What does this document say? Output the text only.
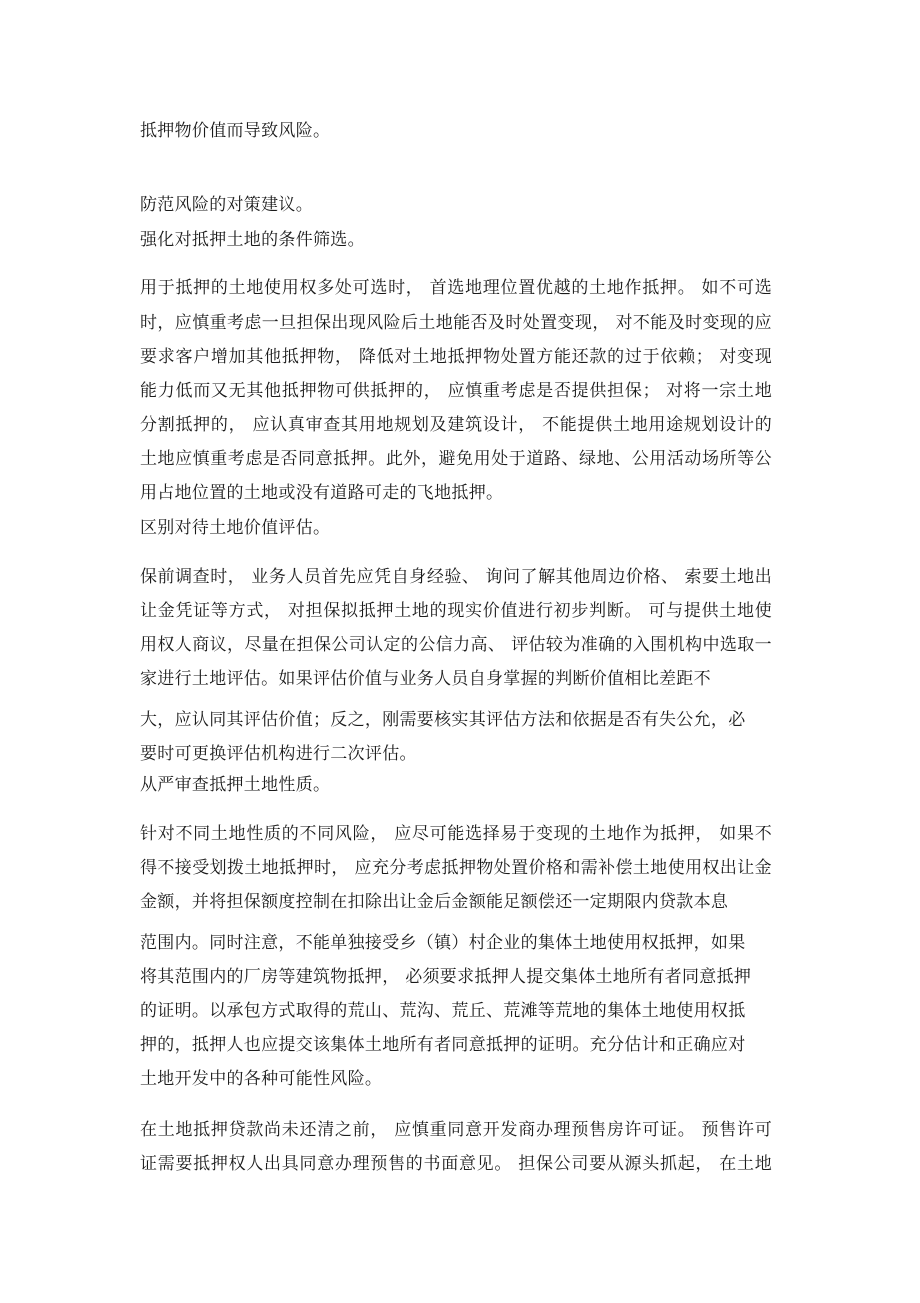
抵押物价值而导致风险。
防范风险的对策建议。
强化对抵押土地的条件筛选。
用于抵押的土地使用权多处可选时， 首选地理位置优越的土地作抵押。 如不可选
时，应慎重考虑一旦担保出现风险后土地能否及时处置变现， 对不能及时变现的应
要求客户增加其他抵押物， 降低对土地抵押物处置方能还款的过于依赖； 对变现
能力低而又无其他抵押物可供抵押的， 应慎重考虑是否提供担保； 对将一宗土地
分割抵押的， 应认真审查其用地规划及建筑设计， 不能提供土地用途规划设计的
土地应慎重考虑是否同意抵押。此外，避免用处于道路、绿地、公用活动场所等公
用占地位置的土地或没有道路可走的飞地抵押。
区别对待土地价值评估。
保前调查时， 业务人员首先应凭自身经验、 询问了解其他周边价格、 索要土地出
让金凭证等方式， 对担保拟抵押土地的现实价值进行初步判断。 可与提供土地使
用权人商议，尽量在担保公司认定的公信力高、 评估较为准确的入围机构中选取一
家进行土地评估。如果评估价值与业务人员自身掌握的判断价值相比差距不
大，应认同其评估价值；反之，刚需要核实其评估方法和依据是否有失公允，必
要时可更换评估机构进行二次评估。
从严审查抵押土地性质。
针对不同土地性质的不同风险， 应尽可能选择易于变现的土地作为抵押， 如果不
得不接受划拨土地抵押时， 应充分考虑抵押物处置价格和需补偿土地使用权出让金
金额，并将担保额度控制在扣除出让金后金额能足额偿还一定期限内贷款本息
范围内。同时注意，不能单独接受乡（镇）村企业的集体土地使用权抵押，如果
将其范围内的厂房等建筑物抵押， 必须要求抵押人提交集体土地所有者同意抵押
的证明。以承包方式取得的荒山、荒沟、荒丘、荒滩等荒地的集体土地使用权抵
押的，抵押人也应提交该集体土地所有者同意抵押的证明。充分估计和正确应对
土地开发中的各种可能性风险。
在土地抵押贷款尚未还清之前， 应慎重同意开发商办理预售房许可证。 预售许可
证需要抵押权人出具同意办理预售的书面意见。 担保公司要从源头抓起， 在土地
